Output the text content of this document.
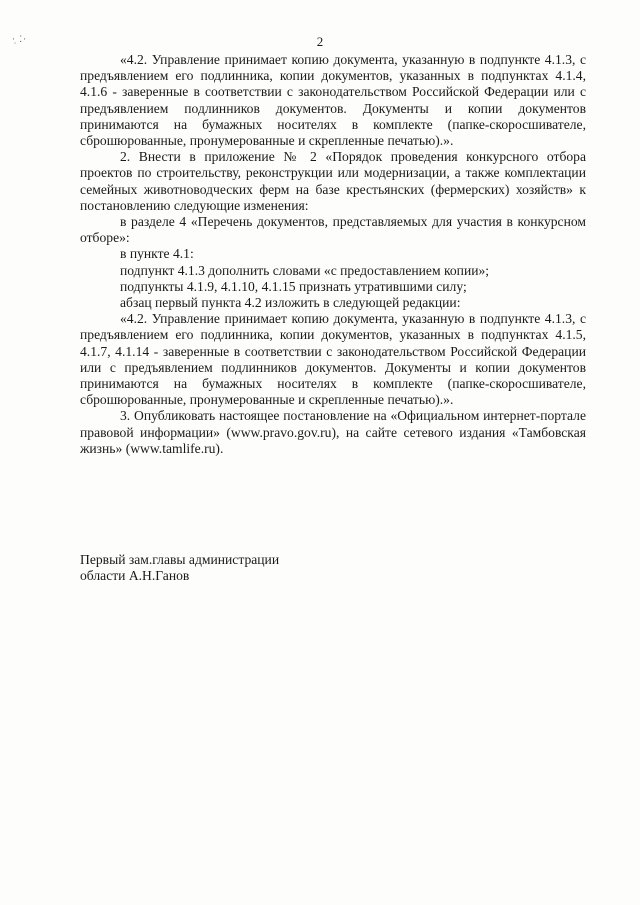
·̣ ⁚·	2

«4.2. Управление принимает копию документа, указанную в подпункте 4.1.3, с предъявлением его подлинника, копии документов, указанных в подпунктах 4.1.4, 4.1.6 - заверенные в соответствии с законодательством Российской Федерации или с предъявлением подлинников документов. Документы и копии документов принимаются на бумажных носителях в комплекте (папке-скоросшивателе, сброшюрованные, пронумерованные и скрепленные печатью).».

2. Внести в приложение № 2 «Порядок проведения конкурсного отбора проектов по строительству, реконструкции или модернизации, а также комплектации семейных животноводческих ферм на базе крестьянских (фермерских) хозяйств» к постановлению следующие изменения:

в разделе 4 «Перечень документов, представляемых для участия в конкурсном отборе»:

в пункте 4.1:

подпункт 4.1.3 дополнить словами «с предоставлением копии»;

подпункты 4.1.9, 4.1.10, 4.1.15 признать утратившими силу;

абзац первый пункта 4.2 изложить в следующей редакции:

«4.2. Управление принимает копию документа, указанную в подпункте 4.1.3, с предъявлением его подлинника, копии документов, указанных в подпунктах 4.1.5, 4.1.7, 4.1.14 - заверенные в соответствии с законодательством Российской Федерации или с предъявлением подлинников документов. Документы и копии документов принимаются на бумажных носителях в комплекте (папке-скоросшивателе, сброшюрованные, пронумерованные и скрепленные печатью).».

3. Опубликовать настоящее постановление на «Официальном интернет-портале правовой информации» (www.pravo.gov.ru), на сайте сетевого издания «Тамбовская жизнь» (www.tamlife.ru).

Первый зам.главы администрации
области А.Н.Ганов
